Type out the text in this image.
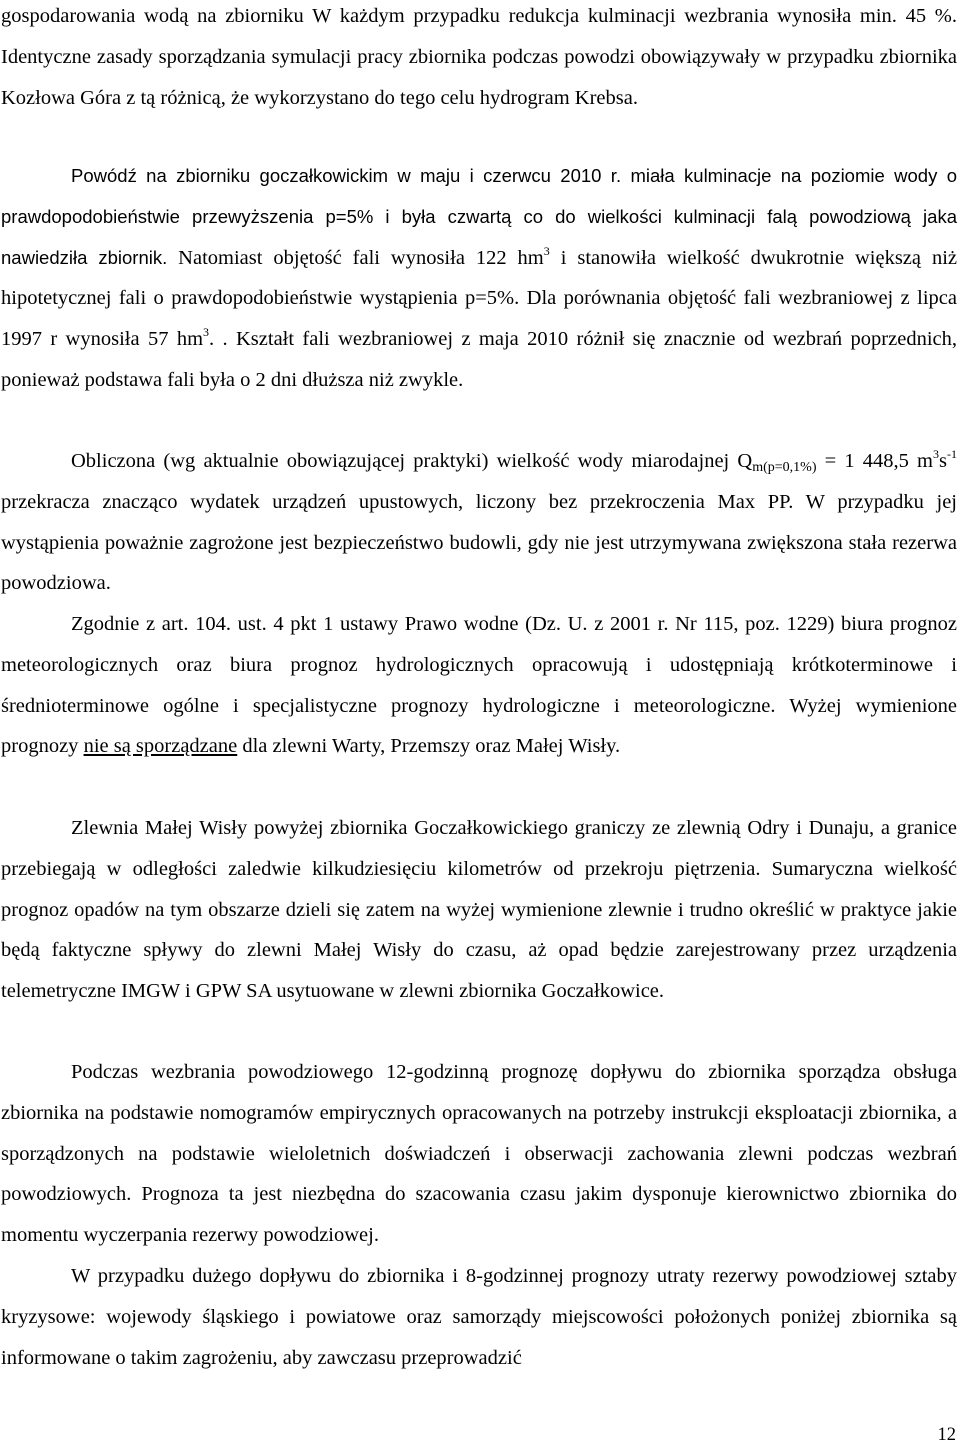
gospodarowania wodą na zbiorniku W każdym przypadku redukcja kulminacji wezbrania wynosiła min. 45 %. Identyczne zasady sporządzania symulacji pracy zbiornika podczas powodzi obowiązywały w przypadku zbiornika Kozłowa Góra z tą różnicą, że wykorzystano do tego celu hydrogram Krebsa.

Powódź na zbiorniku goczałkowickim w maju i czerwcu 2010 r. miała kulminacje na poziomie wody o prawdopodobieństwie przewyższenia p=5% i była czwartą co do wielkości kulminacji falą powodziową jaka nawiedziła zbiornik. Natomiast objętość fali wynosiła 122 $hm^3$ i stanowiła wielkość dwukrotnie większą niż hipotetycznej fali o prawdopodobieństwie wystąpienia p=5%. Dla porównania objętość fali wezbraniowej z lipca 1997 r wynosiła 57 $hm^3$. . Kształt fali wezbraniowej z maja 2010 różnił się znacznie od wezbrań poprzednich, ponieważ podstawa fali była o 2 dni dłuższa niż zwykle.

Obliczona (wg aktualnie obowiązującej praktyki) wielkość wody miarodajnej $Q_{m(p=0,1\%)} = 1$ 448,5 $m^3s^{-1}$ przekracza znacząco wydatek urządzeń upustowych, liczony bez przekroczenia Max PP. W przypadku jej wystąpienia poważnie zagrożone jest bezpieczeństwo budowli, gdy nie jest utrzymywana zwiększona stała rezerwa powodziowa.

Zgodnie z art. 104. ust. 4 pkt 1 ustawy Prawo wodne (Dz. U. z 2001 r. Nr 115, poz. 1229) biura prognoz meteorologicznych oraz biura prognoz hydrologicznych opracowują i udostępniają krótkoterminowe i średnioterminowe ogólne i specjalistyczne prognozy hydrologiczne i meteorologiczne. Wyżej wymienione prognozy nie są sporządzane dla zlewni Warty, Przemszy oraz Małej Wisły.

Zlewnia Małej Wisły powyżej zbiornika Goczałkowickiego graniczy ze zlewnią Odry i Dunaju, a granice przebiegają w odległości zaledwie kilkudziesięciu kilometrów od przekroju piętrzenia. Sumaryczna wielkość prognoz opadów na tym obszarze dzieli się zatem na wyżej wymienione zlewnie i trudno określić w praktyce jakie będą faktyczne spływy do zlewni Małej Wisły do czasu, aż opad będzie zarejestrowany przez urządzenia telemetryczne IMGW i GPW SA usytuowane w zlewni zbiornika Goczałkowice.

Podczas wezbrania powodziowego 12-godzinną prognozę dopływu do zbiornika sporządza obsługa zbiornika na podstawie nomogramów empirycznych opracowanych na potrzeby instrukcji eksploatacji zbiornika, a sporządzonych na podstawie wieloletnich doświadczeń i obserwacji zachowania zlewni podczas wezbrań powodziowych. Prognoza ta jest niezbędna do szacowania czasu jakim dysponuje kierownictwo zbiornika do momentu wyczerpania rezerwy powodziowej.

W przypadku dużego dopływu do zbiornika i 8-godzinnej prognozy utraty rezerwy powodziowej sztaby kryzysowe: wojewody śląskiego i powiatowe oraz samorządy miejscowości położonych poniżej zbiornika są informowane o takim zagrożeniu, aby zawczasu przeprowadzić

12
